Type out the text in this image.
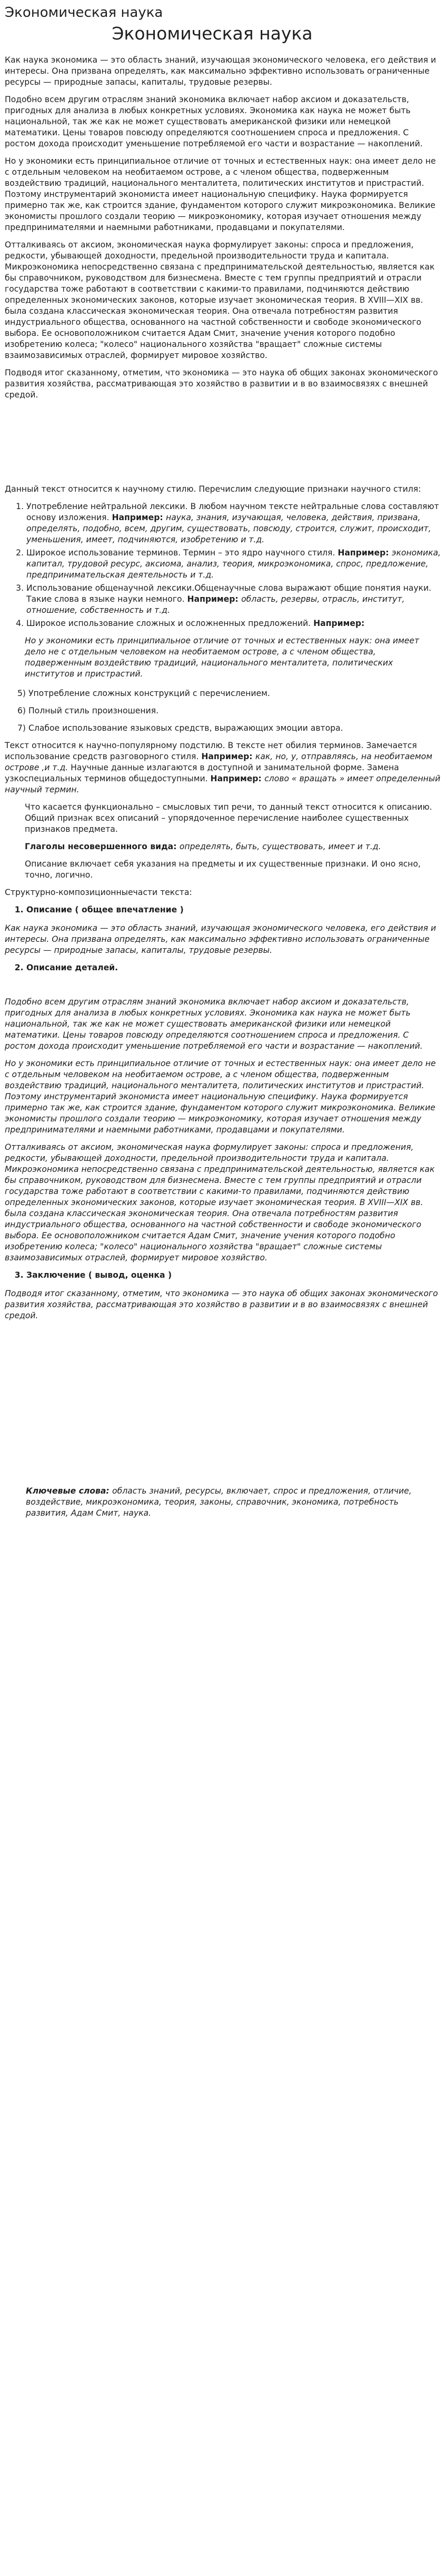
Экономическая наука
Экономическая наука

Как наука экономика — это область знаний, изучающая экономического человека, его действия и интересы. Она призвана определять, как максимально эффективно использовать ограниченные ресурсы — природные запасы, капиталы, трудовые резервы.

Подобно всем другим отраслям знаний экономика включает набор аксиом и доказательств, пригодных для анализа в любых конкретных условиях. Экономика как наука не может быть национальной, так же как не может существовать американской физики или немецкой математики. Цены товаров повсюду определяются соотношением спроса и предложения. С ростом дохода происходит уменьшение потребляемой его части и возрастание — накоплений.

Но у экономики есть принципиальное отличие от точных и естественных наук: она имеет дело не с отдельным человеком на необитаемом острове, а с членом общества, подверженным воздействию традиций, национального менталитета, политических институтов и пристрастий. Поэтому инструментарий экономиста имеет национальную специфику. Наука формируется примерно так же, как строится здание, фундаментом которого служит микроэкономика. Великие экономисты прошлого создали теорию — микроэкономику, которая изучает отношения между предпринимателями и наемными работниками, продавцами и покупателями.

Отталкиваясь от аксиом, экономическая наука формулирует законы: спроса и предложения, редкости, убывающей доходности, предельной производительности труда и капитала. Микроэкономика непосредственно связана с предпринимательской деятельностью, является как бы справочником, руководством для бизнесмена. Вместе с тем группы предприятий и отрасли государства тоже работают в соответствии с какими-то правилами, подчиняются действию определенных экономических законов, которые изучает экономическая теория. В XVIII—XIX вв. была создана классическая экономическая теория. Она отвечала потребностям развития индустриального общества, основанного на частной собственности и свободе экономического выбора. Ее основоположником считается Адам Смит, значение учения которого подобно изобретению колеса; "колесо" национального хозяйства "вращает" сложные системы взаимозависимых отраслей, формирует мировое хозяйство.

Подводя итог сказанному, отметим, что экономика — это наука об общих законах экономического развития хозяйства, рассматривающая это хозяйство в развитии и в во взаимосвязях с внешней средой.

Данный текст относится к научному стилю. Перечислим следующие признаки научного стиля:

1. Употребление нейтральной лексики. В любом научном тексте нейтральные слова составляют основу изложения. Например: наука, знания, изучающая, человека, действия, призвана, определять, подобно, всем, другим, существовать, повсюду, строится, служит, происходит, уменьшения, имеет, подчиняются, изобретению и т.д.
2. Широкое использование терминов. Термин – это ядро научного стиля. Например: экономика, капитал, трудовой ресурс, аксиома, анализ, теория, микроэкономика, спрос, предложение, предпринимательская деятельность и т.д.
3. Использование общенаучной лексики.Общенаучные слова выражают общие понятия науки. Такие слова в языке науки немного. Например: область, резервы, отрасль, институт, отношение, собственность и т.д.
4. Широкое использование сложных и осложненных предложений. Например:
Но у экономики есть принципиальное отличие от точных и естественных наук: она имеет дело не с отдельным человеком на необитаемом острове, а с членом общества, подверженным воздействию традиций, национального менталитета, политических институтов и пристрастий.
5) Употребление сложных конструкций с перечислением.
6) Полный стиль произношения.
7) Слабое использование языковых средств, выражающих эмоции автора.

Текст относится к научно-популярному подстилю. В тексте нет обилия терминов. Замечается использование средств разговорного стиля. Например: как, но, у, отправляясь, на необитаемом острове ,и т.д. Научные данные излагаются в доступной и занимательной форме. Замена узкоспециальных терминов общедоступными. Например: слово « вращать » имеет определенный научный термин.

Что касается функционально – смысловых тип речи, то данный текст относится к описанию. Общий признак всех описаний – упорядоченное перечисление наиболее существенных признаков предмета.

Глаголы несовершенного вида: определять, быть, существовать, имеет и т.д.

Описание включает себя указания на предметы и их существенные признаки. И оно ясно, точно, логично.

Структурно-композиционныечасти текста:

1. Описание ( общее впечатление )

Как наука экономика — это область знаний, изучающая экономического человека, его действия и интересы. Она призвана определять, как максимально эффективно использовать ограниченные ресурсы — природные запасы, капиталы, трудовые резервы.

2. Описание деталей.

Подобно всем другим отраслям знаний экономика включает набор аксиом и доказательств, пригодных для анализа в любых конкретных условиях. Экономика как наука не может быть национальной, так же как не может существовать американской физики или немецкой математики. Цены товаров повсюду определяются соотношением спроса и предложения. С ростом дохода происходит уменьшение потребляемой его части и возрастание — накоплений.

Но у экономики есть принципиальное отличие от точных и естественных наук: она имеет дело не с отдельным человеком на необитаемом острове, а с членом общества, подверженным воздействию традиций, национального менталитета, политических институтов и пристрастий. Поэтому инструментарий экономиста имеет национальную специфику. Наука формируется примерно так же, как строится здание, фундаментом которого служит микроэкономика. Великие экономисты прошлого создали теорию — микроэкономику, которая изучает отношения между предпринимателями и наемными работниками, продавцами и покупателями.

Отталкиваясь от аксиом, экономическая наука формулирует законы: спроса и предложения, редкости, убывающей доходности, предельной производительности труда и капитала. Микроэкономика непосредственно связана с предпринимательской деятельностью, является как бы справочником, руководством для бизнесмена. Вместе с тем группы предприятий и отрасли государства тоже работают в соответствии с какими-то правилами, подчиняются действию определенных экономических законов, которые изучает экономическая теория. В XVIII—XIX вв. была создана классическая экономическая теория. Она отвечала потребностям развития индустриального общества, основанного на частной собственности и свободе экономического выбора. Ее основоположником считается Адам Смит, значение учения которого подобно изобретению колеса; "колесо" национального хозяйства "вращает" сложные системы взаимозависимых отраслей, формирует мировое хозяйство.

3. Заключение ( вывод, оценка )

Подводя итог сказанному, отметим, что экономика — это наука об общих законах экономического развития хозяйства, рассматривающая это хозяйство в развитии и в во взаимосвязях с внешней средой.

Ключевые слова: область знаний, ресурсы, включает, спрос и предложения, отличие, воздействие, микроэкономика, теория, законы, справочник, экономика, потребность развития, Адам Смит, наука.
